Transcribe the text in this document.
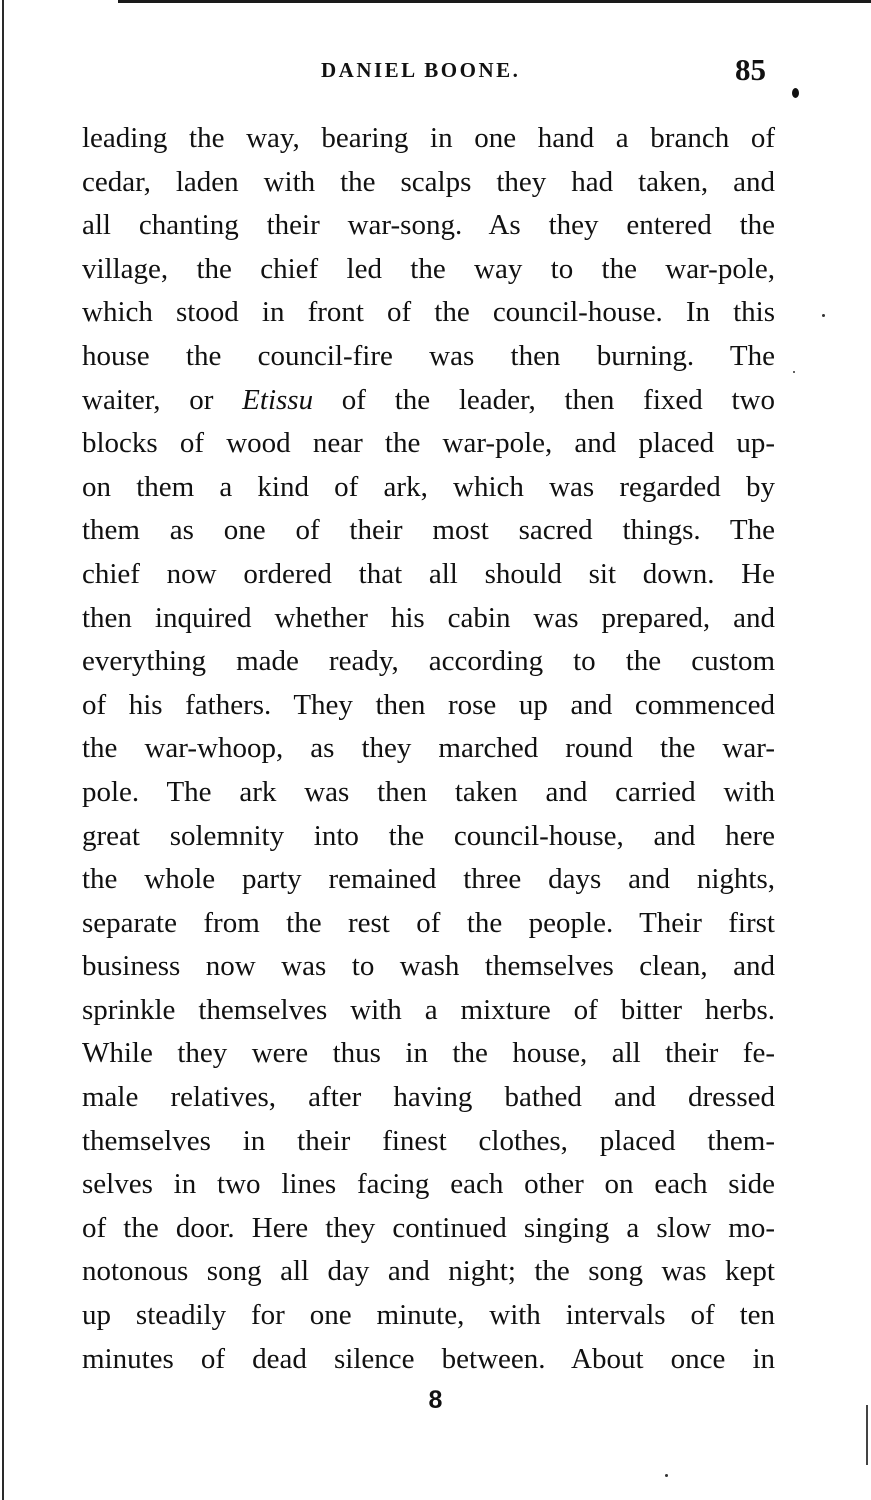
DANIEL BOONE.	85
leading the way, bearing in one hand a branch of
cedar, laden with the scalps they had taken, and
all chanting their war-song. As they entered the
village, the chief led the way to the war-pole,
which stood in front of the council-house. In this
house the council-fire was then burning. The
waiter, or Etissu of the leader, then fixed two
blocks of wood near the war-pole, and placed up-
on them a kind of ark, which was regarded by
them as one of their most sacred things. The
chief now ordered that all should sit down. He
then inquired whether his cabin was prepared, and
everything made ready, according to the custom
of his fathers. They then rose up and commenced
the war-whoop, as they marched round the war-
pole. The ark was then taken and carried with
great solemnity into the council-house, and here
the whole party remained three days and nights,
separate from the rest of the people. Their first
business now was to wash themselves clean, and
sprinkle themselves with a mixture of bitter herbs.
While they were thus in the house, all their fe-
male relatives, after having bathed and dressed
themselves in their finest clothes, placed them-
selves in two lines facing each other on each side
of the door. Here they continued singing a slow mo-
notonous song all day and night; the song was kept
up steadily for one minute, with intervals of ten
minutes of dead silence between. About once in
8
